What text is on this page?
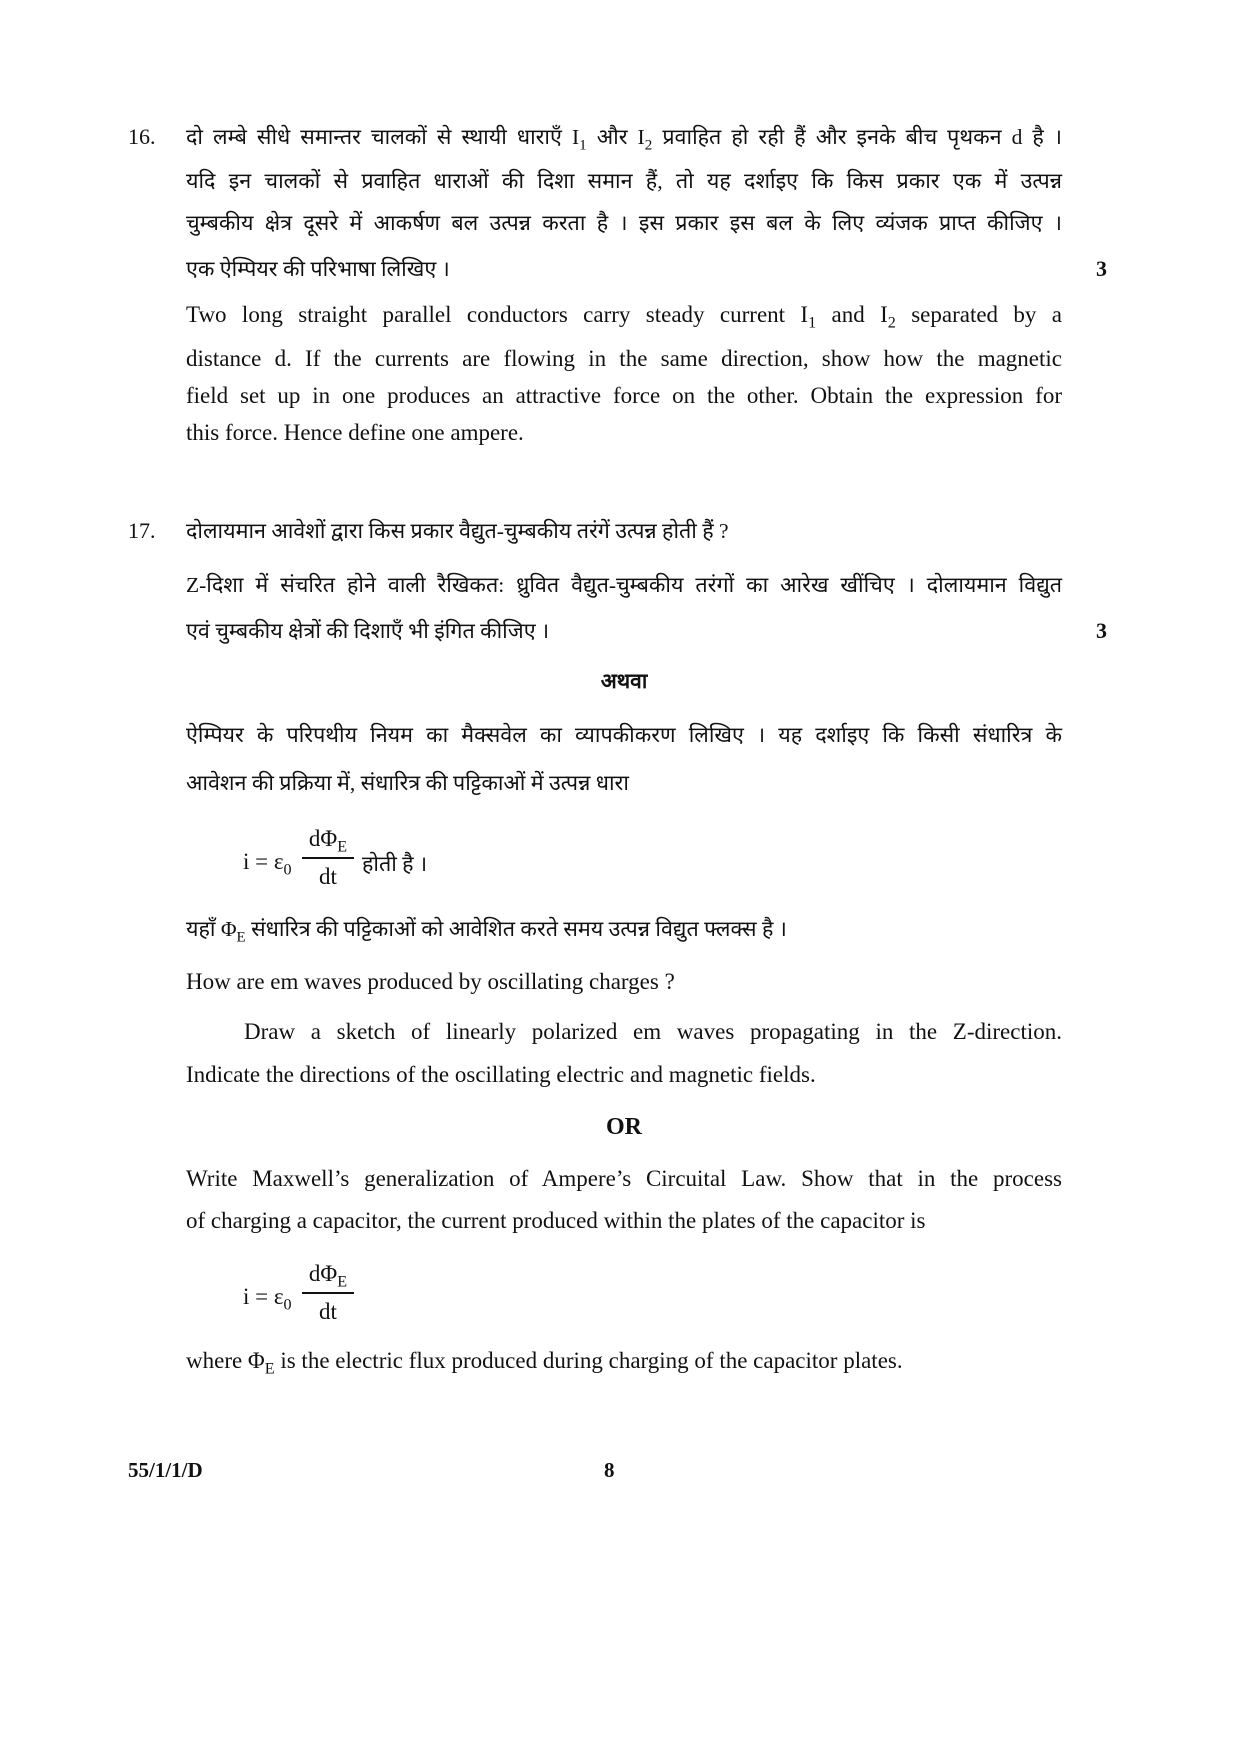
16. दो लम्बे सीधे समान्तर चालकों से स्थायी धाराएँ $I_1$ और $I_2$ प्रवाहित हो रही हैं और इनके बीच पृथकन d है ।
यदि इन चालकों से प्रवाहित धाराओं की दिशा समान हैं, तो यह दर्शाइए कि किस प्रकार एक में उत्पन्न
चुम्बकीय क्षेत्र दूसरे में आकर्षण बल उत्पन्न करता है । इस प्रकार इस बल के लिए व्यंजक प्राप्त कीजिए ।
एक ऐम्पियर की परिभाषा लिखिए ।	3
Two long straight parallel conductors carry steady current $I_1$ and $I_2$ separated by a
distance d. If the currents are flowing in the same direction, show how the magnetic
field set up in one produces an attractive force on the other. Obtain the expression for
this force. Hence define one ampere.
17. दोलायमान आवेशों द्वारा किस प्रकार वैद्युत-चुम्बकीय तरंगें उत्पन्न होती हैं ?
Z-दिशा में संचरित होने वाली रैखिकत: ध्रुवित वैद्युत-चुम्बकीय तरंगों का आरेख खींचिए । दोलायमान विद्युत
एवं चुम्बकीय क्षेत्रों की दिशाएँ भी इंगित कीजिए ।	3
अथवा
ऐम्पियर के परिपथीय नियम का मैक्सवेल का व्यापकीकरण लिखिए । यह दर्शाइए कि किसी संधारित्र के
आवेशन की प्रक्रिया में, संधारित्र की पट्टिकाओं में उत्पन्न धारा
$i = \varepsilon_0$
$d\Phi_E$
dt	होती है ।
यहाँ $\Phi_E$ संधारित्र की पट्टिकाओं को आवेशित करते समय उत्पन्न विद्युत फ्लक्स है ।
How are em waves produced by oscillating charges ?
Draw a sketch of linearly polarized em waves propagating in the Z-direction.
Indicate the directions of the oscillating electric and magnetic fields.
OR
Write Maxwell’s generalization of Ampere’s Circuital Law. Show that in the process
of charging a capacitor, the current produced within the plates of the capacitor is
$i = \varepsilon_0$
$d\Phi_E$
dt
where $\Phi_E$ is the electric flux produced during charging of the capacitor plates.
55/1/1/D	8
